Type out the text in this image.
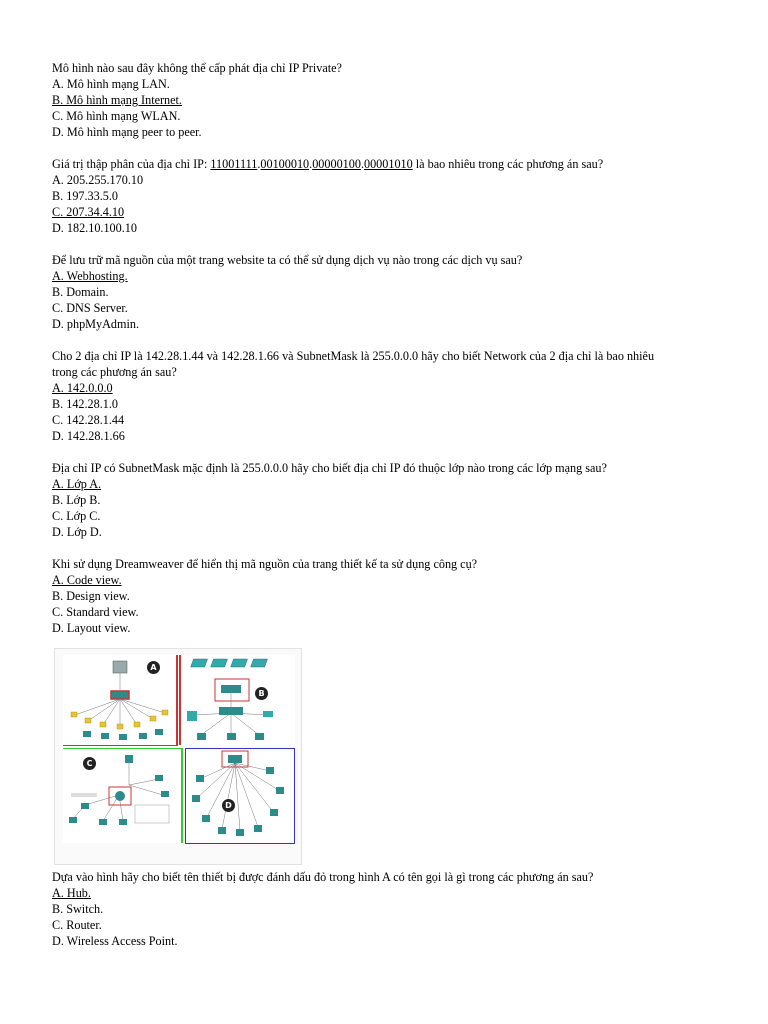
Mô hình nào sau đây không thể cấp phát địa chỉ IP Private?
A. Mô hình mạng LAN.
B. Mô hình mạng Internet.
C. Mô hình mạng WLAN.
D. Mô hình mạng peer to peer.
Giá trị thập phân của địa chỉ IP: 11001111.00100010.00000100.00001010 là bao nhiêu trong các phương án sau?
A. 205.255.170.10
B. 197.33.5.0
C. 207.34.4.10
D. 182.10.100.10
Để lưu trữ mã nguồn của một trang website ta có thể sử dụng dịch vụ nào trong các dịch vụ sau?
A. Webhosting.
B. Domain.
C. DNS Server.
D. phpMyAdmin.
Cho 2 địa chỉ IP là 142.28.1.44 và 142.28.1.66 và SubnetMask là 255.0.0.0 hãy cho biết Network của 2 địa chỉ là bao nhiêu
trong các phương án sau?
A. 142.0.0.0
B. 142.28.1.0
C. 142.28.1.44
D. 142.28.1.66
Địa chỉ IP có SubnetMask mặc định là 255.0.0.0 hãy cho biết địa chỉ IP đó thuộc lớp nào trong các lớp mạng sau?
A. Lớp A.
B. Lớp B.
C. Lớp C.
D. Lớp D.
Khi sử dụng Dreamweaver để hiển thị mã nguồn của trang thiết kế ta sử dụng công cụ?
A. Code view.
B. Design view.
C. Standard view.
D. Layout view.
A
B
C
D
Dựa vào hình hãy cho biết tên thiết bị được đánh dấu đỏ trong hình A có tên gọi là gì trong các phương án sau?
A. Hub.
B. Switch.
C. Router.
D. Wireless Access Point.
